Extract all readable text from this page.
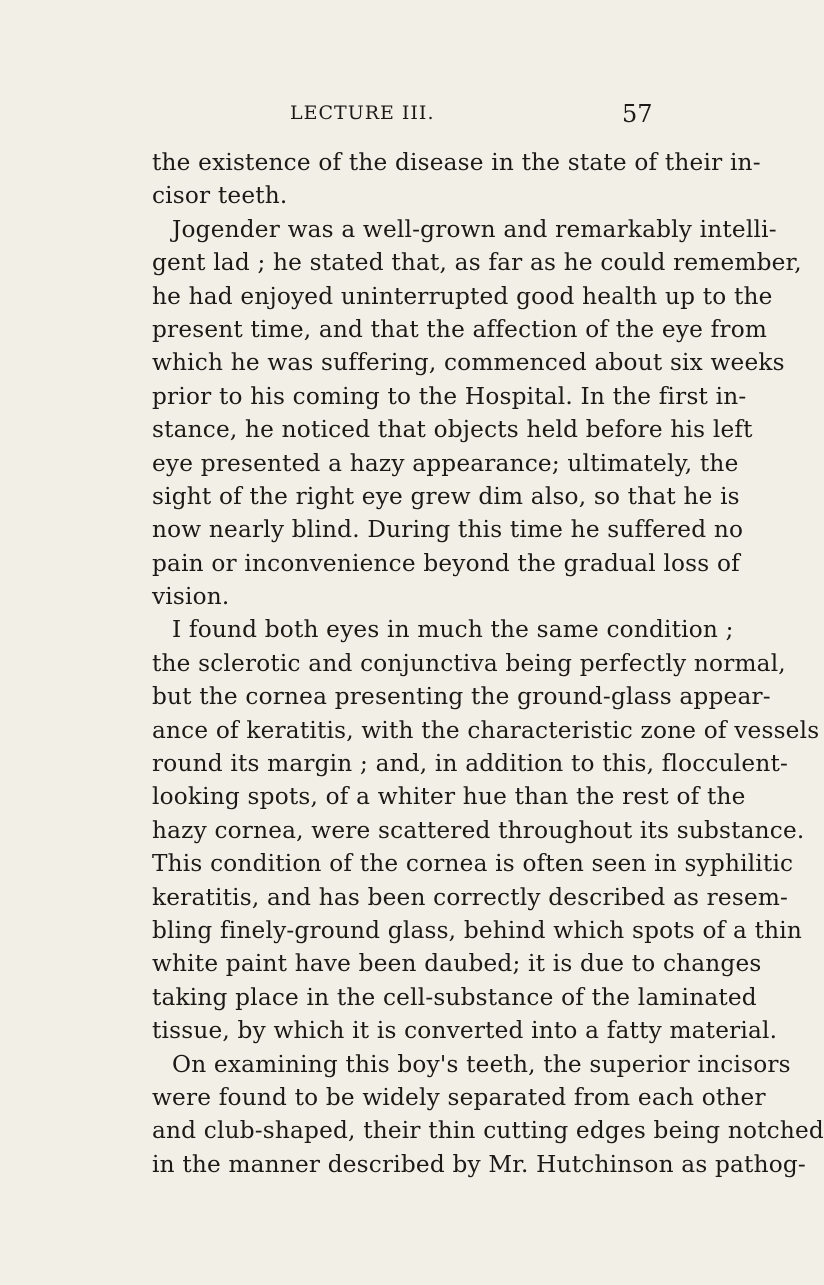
LECTURE III.	57
the existence of the disease in the state of their in-
cisor teeth.
Jogender was a well-grown and remarkably intelli-
gent lad ; he stated that, as far as he could remember,
he had enjoyed uninterrupted good health up to the
present time, and that the affection of the eye from
which he was suffering, commenced about six weeks
prior to his coming to the Hospital. In the first in-
stance, he noticed that objects held before his left
eye presented a hazy appearance; ultimately, the
sight of the right eye grew dim also, so that he is
now nearly blind. During this time he suffered no
pain or inconvenience beyond the gradual loss of
vision.
I found both eyes in much the same condition ;
the sclerotic and conjunctiva being perfectly normal,
but the cornea presenting the ground-glass appear-
ance of keratitis, with the characteristic zone of vessels
round its margin ; and, in addition to this, flocculent-
looking spots, of a whiter hue than the rest of the
hazy cornea, were scattered throughout its substance.
This condition of the cornea is often seen in syphilitic
keratitis, and has been correctly described as resem-
bling finely-ground glass, behind which spots of a thin
white paint have been daubed; it is due to changes
taking place in the cell-substance of the laminated
tissue, by which it is converted into a fatty material.
On examining this boy's teeth, the superior incisors
were found to be widely separated from each other
and club-shaped, their thin cutting edges being notched
in the manner described by Mr. Hutchinson as pathog-
